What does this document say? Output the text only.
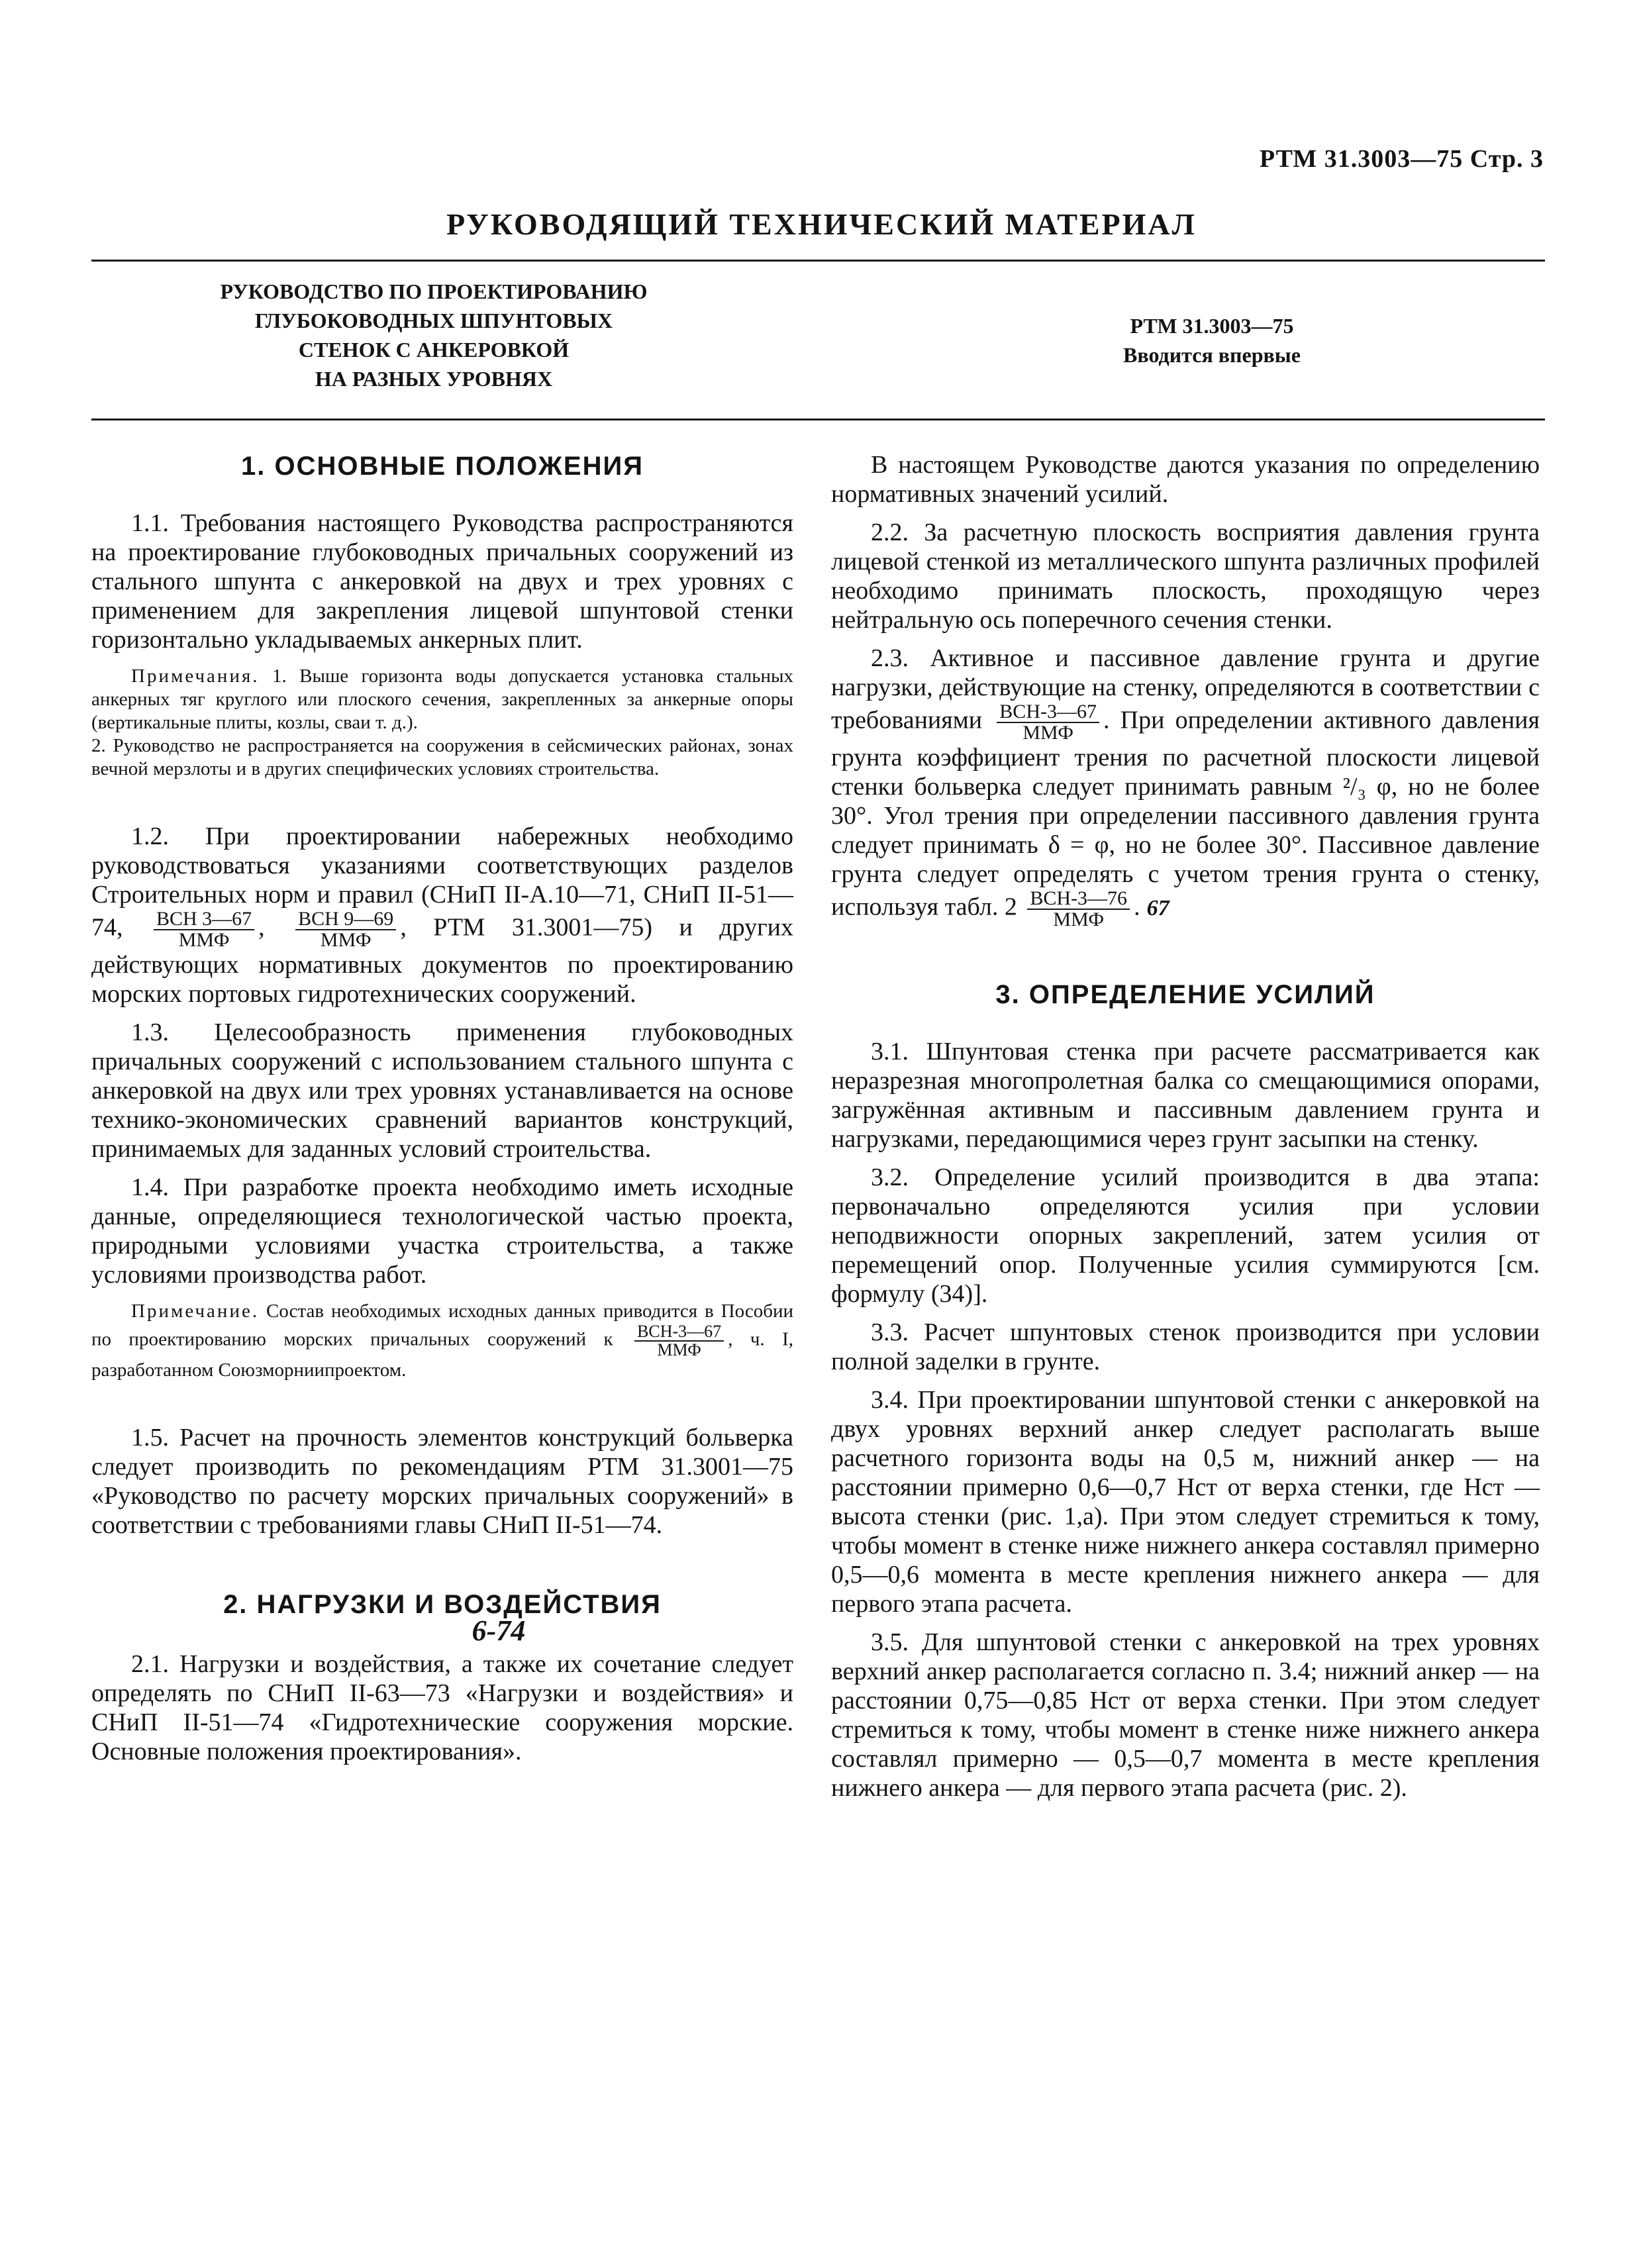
РТМ 31.3003—75 Стр. 3
РУКОВОДЯЩИЙ ТЕХНИЧЕСКИЙ МАТЕРИАЛ
РУКОВОДСТВО ПО ПРОЕКТИРОВАНИЮ
ГЛУБОКОВОДНЫХ ШПУНТОВЫХ
СТЕНОК С АНКЕРОВКОЙ
НА РАЗНЫХ УРОВНЯХ
РТМ 31.3003—75
Вводится впервые
1. ОСНОВНЫЕ ПОЛОЖЕНИЯ

1.1. Требования настоящего Руководства распространяются на проектирование глубоководных причальных сооружений из стального шпунта с анкеровкой на двух и трех уровнях с применением для закрепления лицевой шпунтовой стенки горизонтально укладываемых анкерных плит.

Примечания. 1. Выше горизонта воды допускается установка стальных анкерных тяг круглого или плоского сечения, закрепленных за анкерные опоры (вертикальные плиты, козлы, сваи т. д.).
2. Руководство не распространяется на сооружения в сейсмических районах, зонах вечной мерзлоты и в других специфических условиях строительства.

1.2. При проектировании набережных необходимо руководствоваться указаниями соответствующих разделов Строительных норм и правил (СНиП II-А.10—71, СНиП II-51—74, $\frac{\text{ВСН 3—67}}{\text{ММФ}}$ , $\frac{\text{ВСН 9—69}}{\text{ММФ}}$ , РТМ 31.3001—75) и других действующих нормативных документов по проектированию морских портовых гидротехнических сооружений.

1.3. Целесообразность применения глубоководных причальных сооружений с использованием стального шпунта с анкеровкой на двух или трех уровнях устанавливается на основе технико-экономических сравнений вариантов конструкций, принимаемых для заданных условий строительства.

1.4. При разработке проекта необходимо иметь исходные данные, определяющиеся технологической частью проекта, природными условиями участка строительства, а также условиями производства работ.

Примечание. Состав необходимых исходных данных приводится в Пособии по проектированию морских причальных сооружений к $\frac{\text{ВСН-3—67}}{\text{ММФ}}$ , ч. I, разработанном Союзморниипроектом.

1.5. Расчет на прочность элементов конструкций больверка следует производить по рекомендациям РТМ 31.3001—75 «Руководство по расчету морских причальных сооружений» в соответствии с требованиями главы СНиП II-51—74.

2. НАГРУЗКИ И ВОЗДЕЙСТВИЯ
6-74

2.1. Нагрузки и воздействия, а также их сочетание следует определять по СНиП II-63—73 «Нагрузки и воздействия» и СНиП II-51—74 «Гидротехнические сооружения морские. Основные положения проектирования».

В настоящем Руководстве даются указания по определению нормативных значений усилий.

2.2. За расчетную плоскость восприятия давления грунта лицевой стенкой из металлического шпунта различных профилей необходимо принимать плоскость, проходящую через нейтральную ось поперечного сечения стенки.

2.3. Активное и пассивное давление грунта и другие нагрузки, действующие на стенку, определяются в соответствии с требованиями $\frac{\text{ВСН-3—67}}{\text{ММФ}}$ . При определении активного давления грунта коэффициент трения по расчетной плоскости лицевой стенки больверка следует принимать равным ²/₃ φ, но не более 30°. Угол трения при определении пассивного давления грунта следует принимать δ = φ, но не более 30°. Пассивное давление грунта следует определять с учетом трения грунта о стенку, используя табл. $2 \frac{\text{ВСН-3—76}}{\text{ММФ}}$ . 67

3. ОПРЕДЕЛЕНИЕ УСИЛИЙ

3.1. Шпунтовая стенка при расчете рассматривается как неразрезная многопролетная балка со смещающимися опорами, загружённая активным и пассивным давлением грунта и нагрузками, передающимися через грунт засыпки на стенку.

3.2. Определение усилий производится в два этапа: первоначально определяются усилия при условии неподвижности опорных закреплений, затем усилия от перемещений опор. Полученные усилия суммируются [см. формулу (34)].

3.3. Расчет шпунтовых стенок производится при условии полной заделки в грунте.

3.4. При проектировании шпунтовой стенки с анкеровкой на двух уровнях верхний анкер следует располагать выше расчетного горизонта воды на 0,5 м, нижний анкер — на расстоянии примерно 0,6—0,7 Hст от верха стенки, где Hст — высота стенки (рис. 1,а). При этом следует стремиться к тому, чтобы момент в стенке ниже нижнего анкера составлял примерно 0,5—0,6 момента в месте крепления нижнего анкера — для первого этапа расчета.

3.5. Для шпунтовой стенки с анкеровкой на трех уровнях верхний анкер располагается согласно п. 3.4; нижний анкер — на расстоянии 0,75—0,85 Hст от верха стенки. При этом следует стремиться к тому, чтобы момент в стенке ниже нижнего анкера составлял примерно — 0,5—0,7 момента в месте крепления нижнего анкера — для первого этапа расчета (рис. 2).
